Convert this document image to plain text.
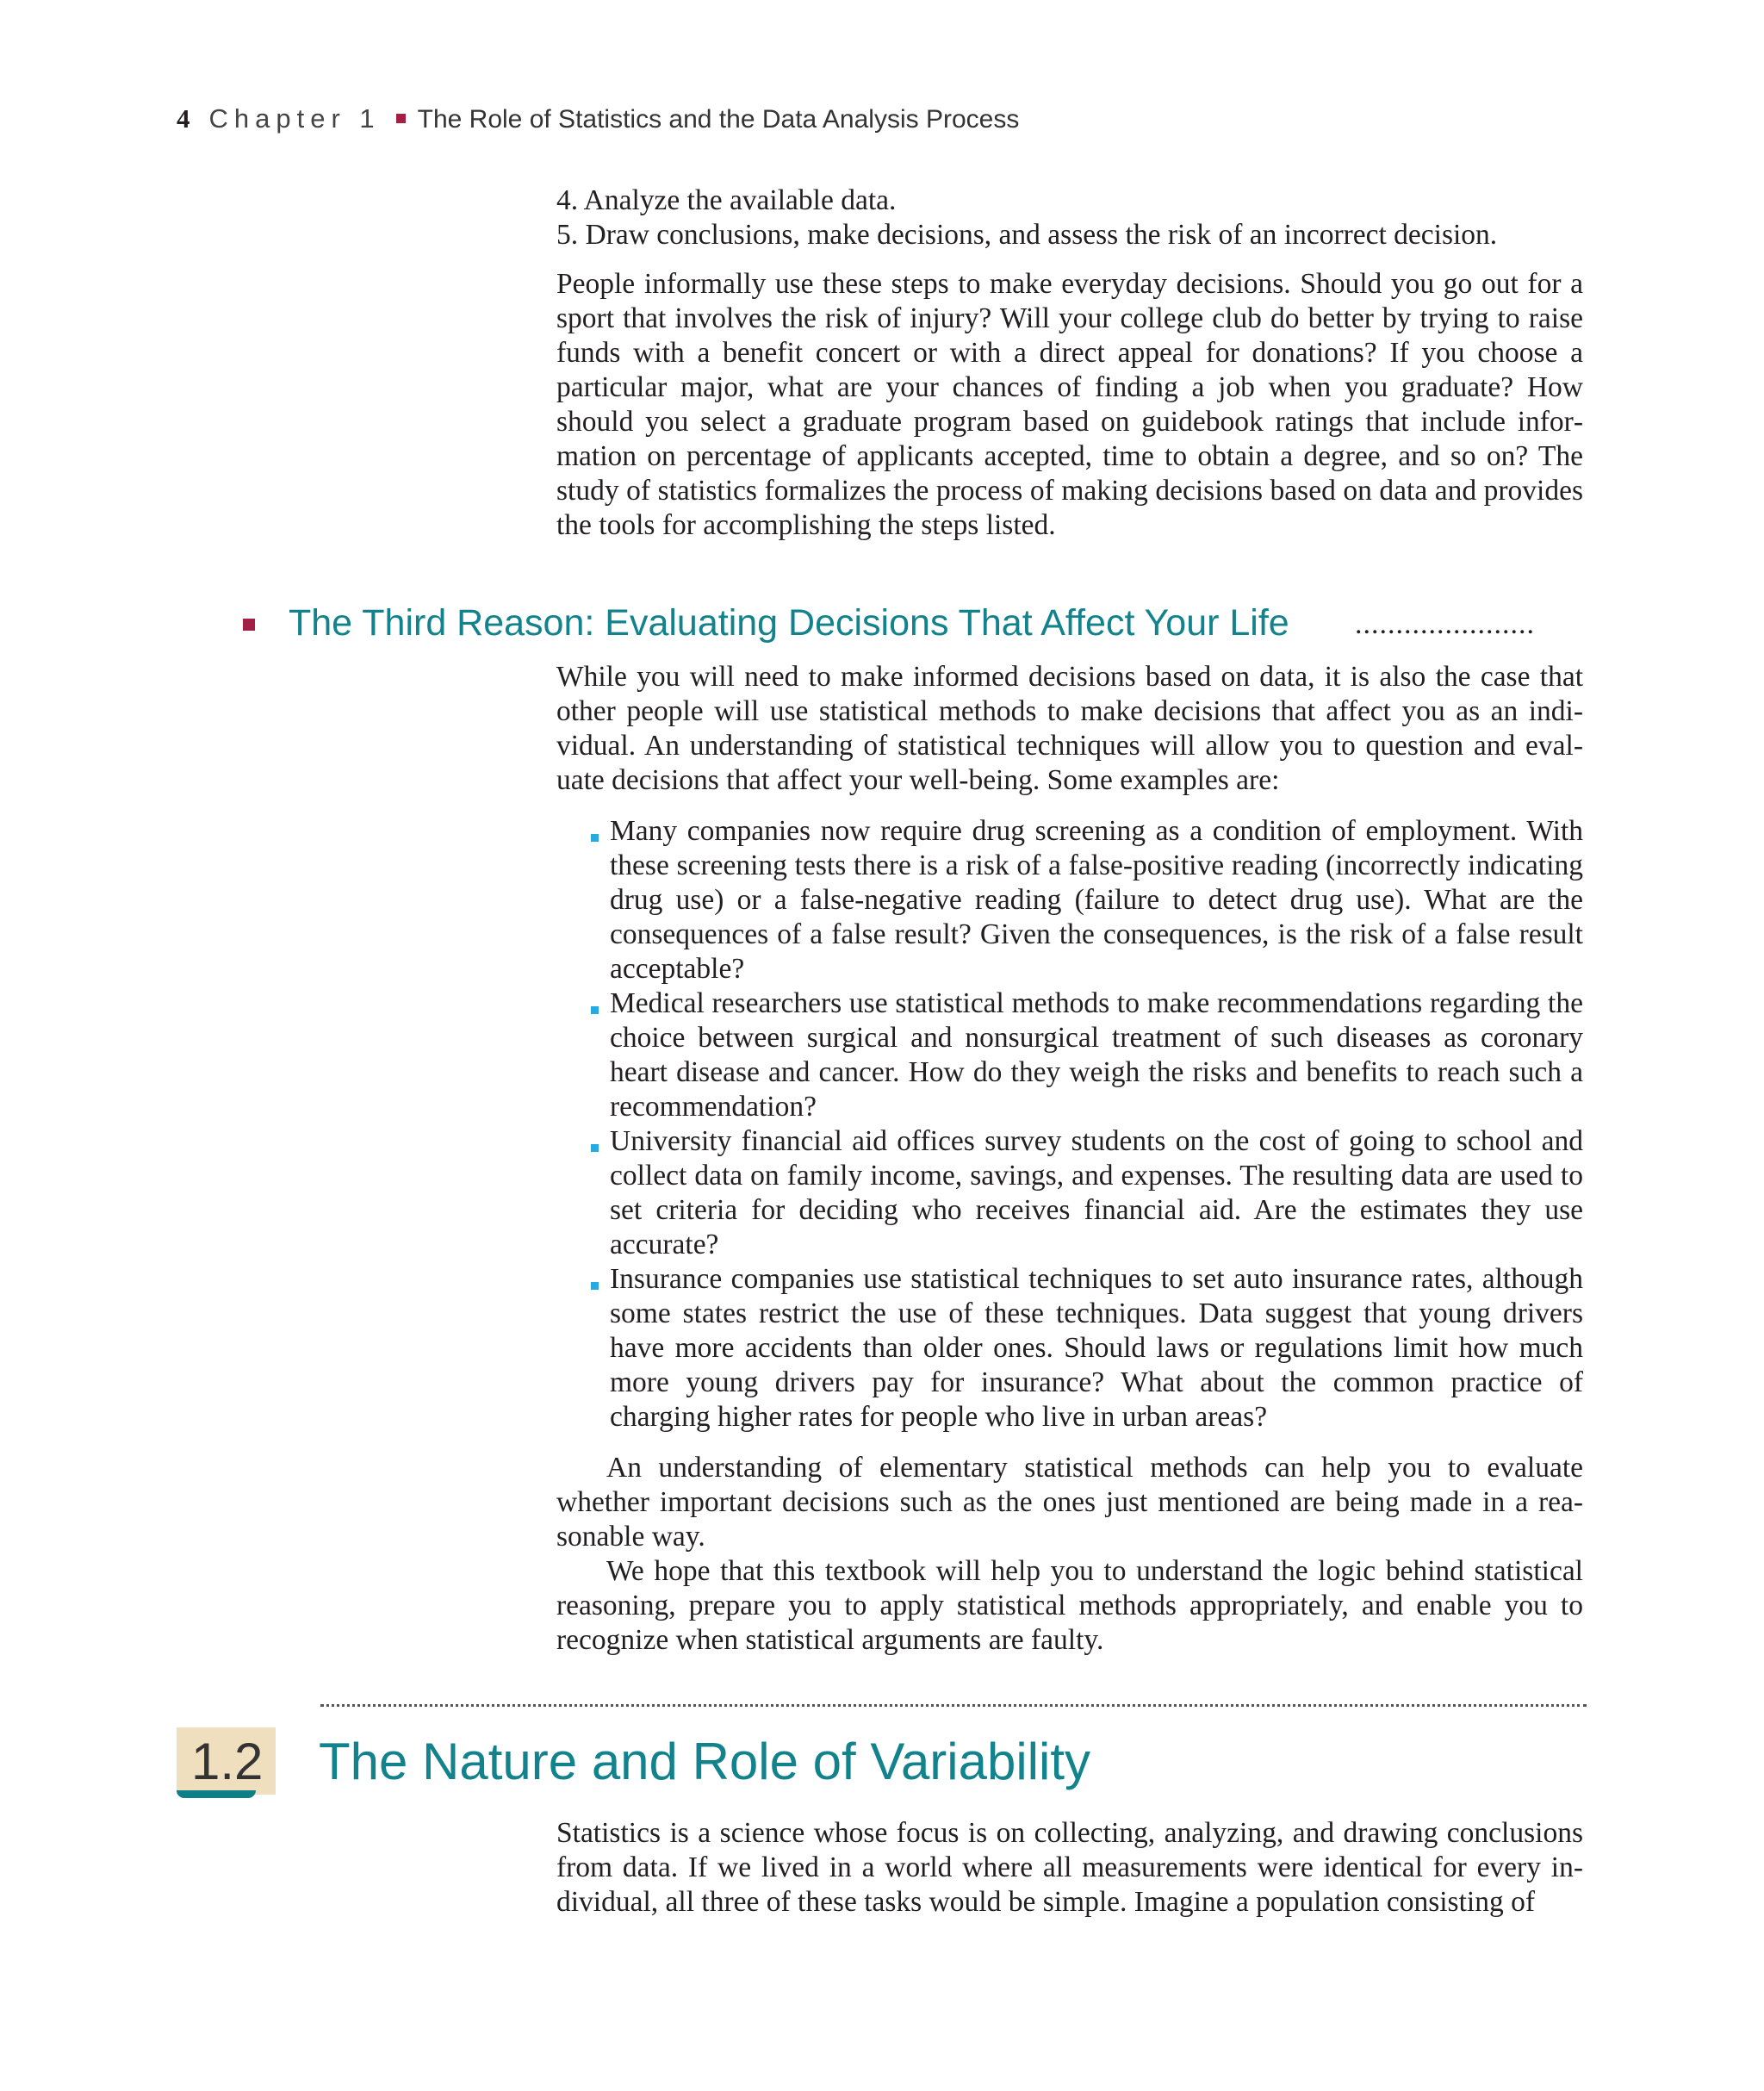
4 Chapter 1 The Role of Statistics and the Data Analysis Process
4. Analyze the available data.
5. Draw conclusions, make decisions, and assess the risk of an incorrect decision.

People informally use these steps to make everyday decisions. Should you go out for a sport that involves the risk of injury? Will your college club do better by trying to raise funds with a benefit concert or with a direct appeal for donations? If you choose a particular major, what are your chances of finding a job when you graduate? How should you select a graduate program based on guidebook ratings that include information on percentage of applicants accepted, time to obtain a degree, and so on? The study of statistics formalizes the process of making decisions based on data and provides the tools for accomplishing the steps listed.

The Third Reason: Evaluating Decisions That Affect Your Life ......................

While you will need to make informed decisions based on data, it is also the case that other people will use statistical methods to make decisions that affect you as an individual. An understanding of statistical techniques will allow you to question and evaluate decisions that affect your well-being. Some examples are:

Many companies now require drug screening as a condition of employment. With these screening tests there is a risk of a false-positive reading (incorrectly indicating drug use) or a false-negative reading (failure to detect drug use). What are the consequences of a false result? Given the consequences, is the risk of a false result acceptable?

Medical researchers use statistical methods to make recommendations regarding the choice between surgical and nonsurgical treatment of such diseases as coronary heart disease and cancer. How do they weigh the risks and benefits to reach such a recommendation?

University financial aid offices survey students on the cost of going to school and collect data on family income, savings, and expenses. The resulting data are used to set criteria for deciding who receives financial aid. Are the estimates they use accurate?

Insurance companies use statistical techniques to set auto insurance rates, although some states restrict the use of these techniques. Data suggest that young drivers have more accidents than older ones. Should laws or regulations limit how much more young drivers pay for insurance? What about the common practice of charging higher rates for people who live in urban areas?

An understanding of elementary statistical methods can help you to evaluate whether important decisions such as the ones just mentioned are being made in a reasonable way.

We hope that this textbook will help you to understand the logic behind statistical reasoning, prepare you to apply statistical methods appropriately, and enable you to recognize when statistical arguments are faulty.

1.2 The Nature and Role of Variability

Statistics is a science whose focus is on collecting, analyzing, and drawing conclusions from data. If we lived in a world where all measurements were identical for every individual, all three of these tasks would be simple. Imagine a population consisting of
